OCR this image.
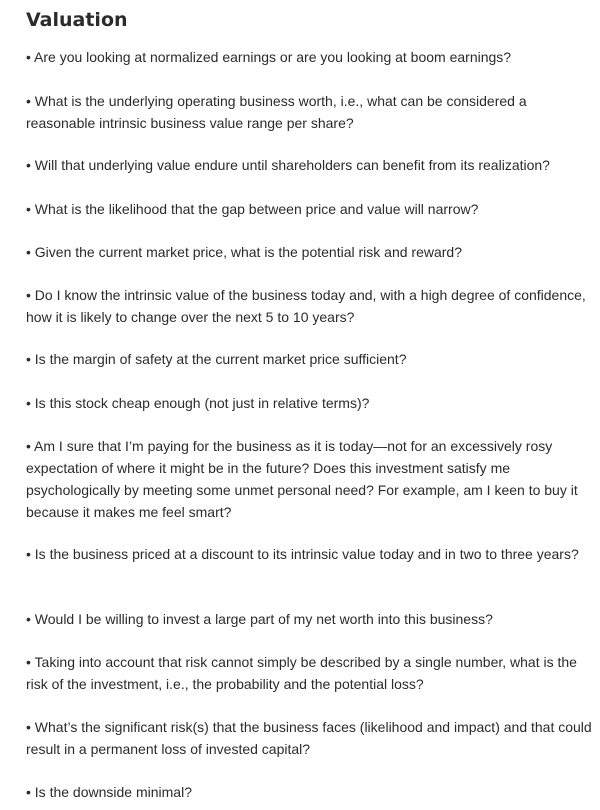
Valuation

• Are you looking at normalized earnings or are you looking at boom earnings?

• What is the underlying operating business worth, i.e., what can be considered a reasonable intrinsic business value range per share?

• Will that underlying value endure until shareholders can benefit from its realization?

• What is the likelihood that the gap between price and value will narrow?

• Given the current market price, what is the potential risk and reward?

• Do I know the intrinsic value of the business today and, with a high degree of confidence, how it is likely to change over the next 5 to 10 years?

• Is the margin of safety at the current market price sufficient?

• Is this stock cheap enough (not just in relative terms)?

• Am I sure that I’m paying for the business as it is today—not for an excessively rosy expectation of where it might be in the future? Does this investment satisfy me psychologically by meeting some unmet personal need? For example, am I keen to buy it because it makes me feel smart?

• Is the business priced at a discount to its intrinsic value today and in two to three years?

• Would I be willing to invest a large part of my net worth into this business?

• Taking into account that risk cannot simply be described by a single number, what is the risk of the investment, i.e., the probability and the potential loss?

• What’s the significant risk(s) that the business faces (likelihood and impact) and that could result in a permanent loss of invested capital?

• Is the downside minimal?
